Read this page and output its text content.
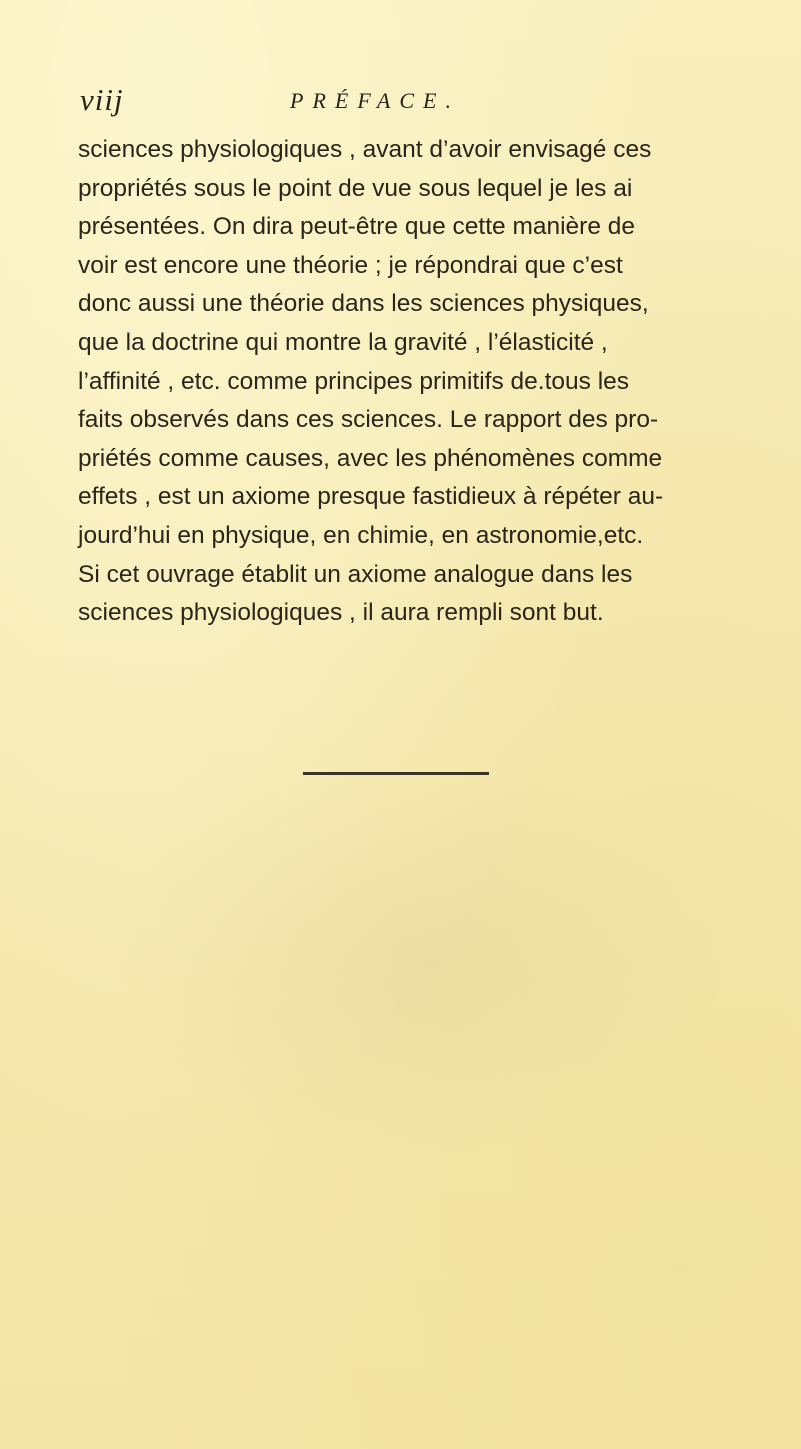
viij	PRÉFACE.
sciences physiologiques , avant d’avoir envisagé ces
propriétés sous le point de vue sous lequel je les ai
présentées. On dira peut-être que cette manière de
voir est encore une théorie ; je répondrai que c’est
donc aussi une théorie dans les sciences physiques,
que la doctrine qui montre la gravité , l’élasticité ,
l’affinité , etc. comme principes primitifs de.tous les
faits observés dans ces sciences. Le rapport des pro-
priétés comme causes, avec les phénomènes comme
effets , est un axiome presque fastidieux à répéter au-
jourd’hui en physique, en chimie, en astronomie,etc.
Si cet ouvrage établit un axiome analogue dans les
sciences physiologiques , il aura rempli sont but.
